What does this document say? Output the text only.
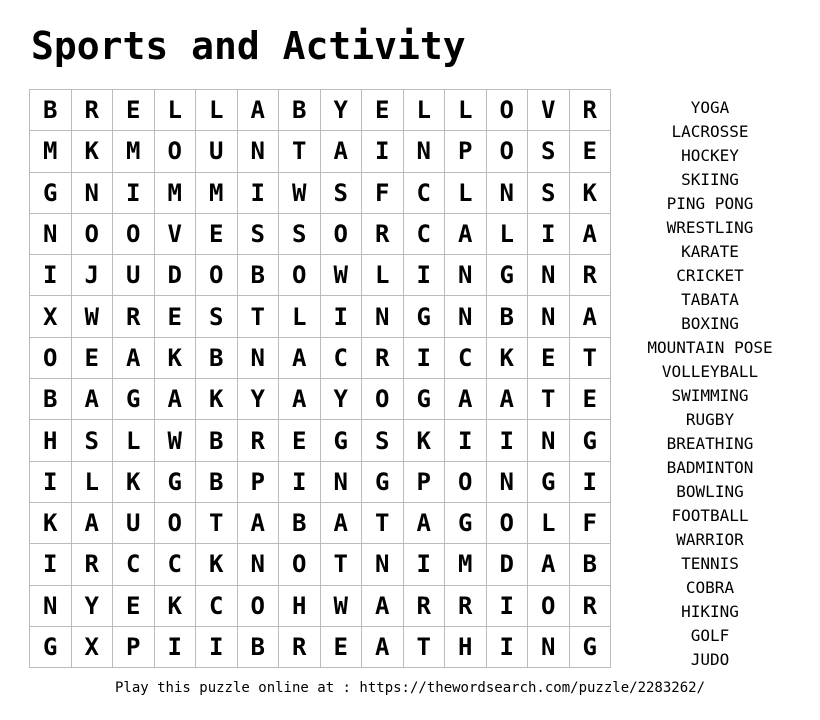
Sports and Activity
B	R	E	L	L	A	B	Y	E	L	L	O	V	R
M	K	M	O	U	N	T	A	I	N	P	O	S	E
G	N	I	M	M	I	W	S	F	C	L	N	S	K
N	O	O	V	E	S	S	O	R	C	A	L	I	A
I	J	U	D	O	B	O	W	L	I	N	G	N	R
X	W	R	E	S	T	L	I	N	G	N	B	N	A
O	E	A	K	B	N	A	C	R	I	C	K	E	T
B	A	G	A	K	Y	A	Y	O	G	A	A	T	E
H	S	L	W	B	R	E	G	S	K	I	I	N	G
I	L	K	G	B	P	I	N	G	P	O	N	G	I
K	A	U	O	T	A	B	A	T	A	G	O	L	F
I	R	C	C	K	N	O	T	N	I	M	D	A	B
N	Y	E	K	C	O	H	W	A	R	R	I	O	R
G	X	P	I	I	B	R	E	A	T	H	I	N	G
YOGA
LACROSSE
HOCKEY
SKIING
PING PONG
WRESTLING
KARATE
CRICKET
TABATA
BOXING
MOUNTAIN POSE
VOLLEYBALL
SWIMMING
RUGBY
BREATHING
BADMINTON
BOWLING
FOOTBALL
WARRIOR
TENNIS
COBRA
HIKING
GOLF
JUDO
Play this puzzle online at : https://thewordsearch.com/puzzle/2283262/
